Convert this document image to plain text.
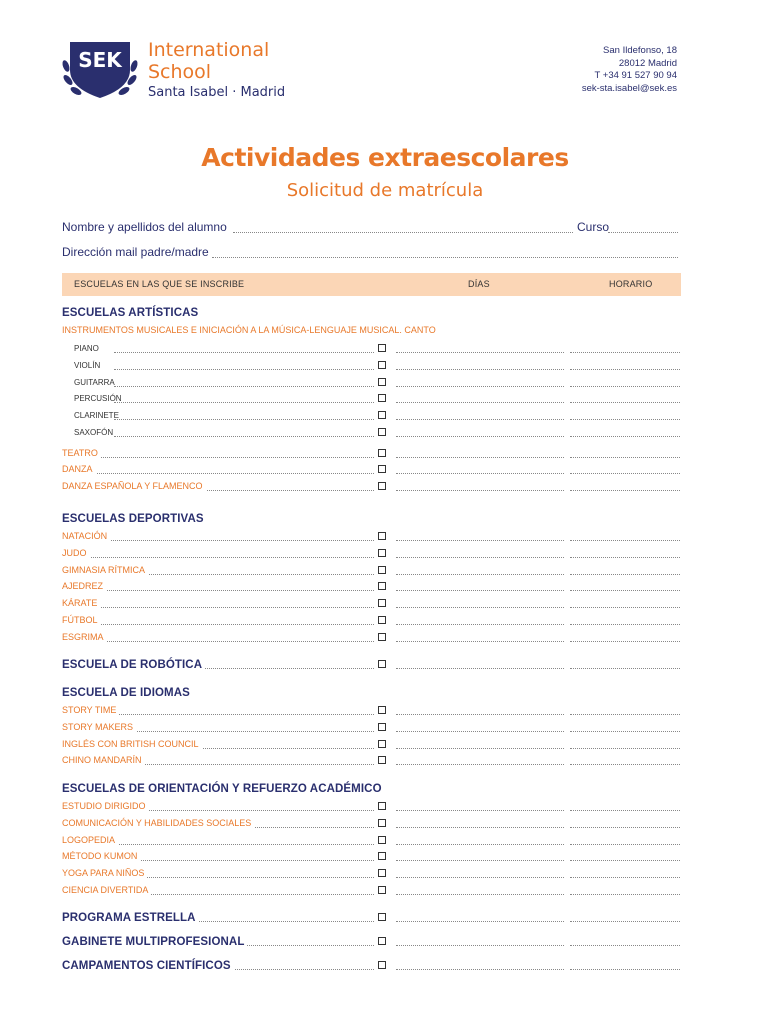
SEK International
School
Santa Isabel · Madrid
San Ildefonso, 18
28012 Madrid
T +34 91 527 90 94
sek-sta.isabel@sek.es
Actividades extraescolares
Solicitud de matrícula
Nombre y apellidos del alumno	Curso
Dirección mail padre/madre
ESCUELAS EN LAS QUE SE INSCRIBE	DÍAS	HORARIO
ESCUELAS ARTÍSTICAS
INSTRUMENTOS MUSICALES E INICIACIÓN A LA MÚSICA-LENGUAJE MUSICAL. CANTO
PIANO
VIOLÍN
GUITARRA
PERCUSIÓN
CLARINETE
SAXOFÓN
TEATRO
DANZA
DANZA ESPAÑOLA Y FLAMENCO
ESCUELAS DEPORTIVAS
NATACIÓN
JUDO
GIMNASIA RÍTMICA
AJEDREZ
KÁRATE
FÚTBOL
ESGRIMA
ESCUELA DE ROBÓTICA
ESCUELA DE IDIOMAS
STORY TIME
STORY MAKERS
INGLÉS CON BRITISH COUNCIL
CHINO MANDARÍN
ESCUELAS DE ORIENTACIÓN Y REFUERZO ACADÉMICO
ESTUDIO DIRIGIDO
COMUNICACIÓN Y HABILIDADES SOCIALES
LOGOPEDIA
MÉTODO KUMON
YOGA PARA NIÑOS
CIENCIA DIVERTIDA
PROGRAMA ESTRELLA
GABINETE MULTIPROFESIONAL
CAMPAMENTOS CIENTÍFICOS
